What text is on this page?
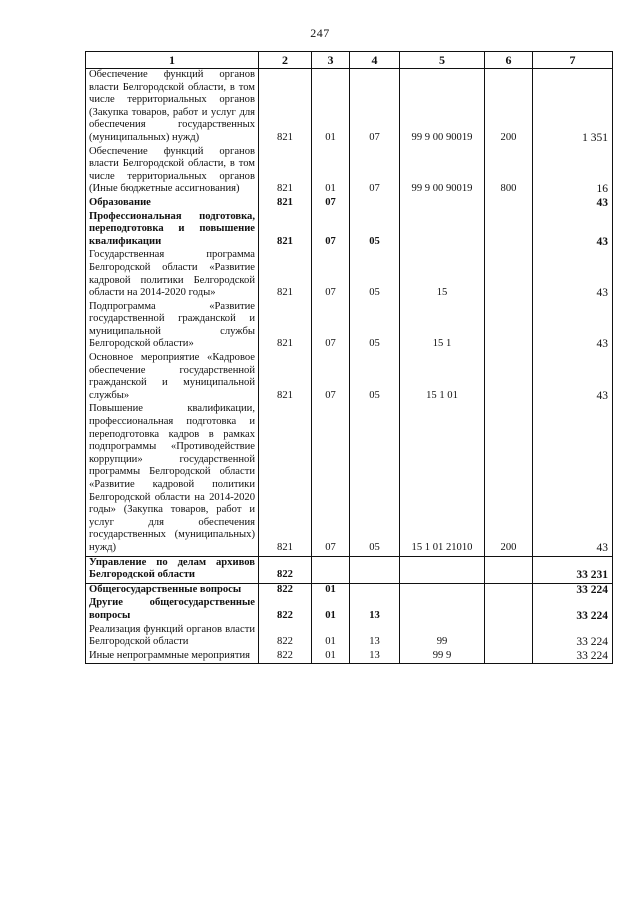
247
1	2	3	4	5	6	7
Обеспечение функций органов власти Белгородской области, в том числе территориальных органов (Закупка товаров, работ и услуг для обеспечения государственных (муниципальных) нужд)	821	01	07	99 9 00 90019	200	1 351
Обеспечение функций органов власти Белгородской области, в том числе территориальных органов (Иные бюджетные ассигнования)	821	01	07	99 9 00 90019	800	16
Образование	821	07				43
Профессиональная подготовка, переподготовка и повышение квалификации	821	07	05			43
Государственная программа Белгородской области «Развитие кадровой политики Белгородской области на 2014-2020 годы»	821	07	05	15		43
Подпрограмма «Развитие государственной гражданской и муниципальной службы Белгородской области»	821	07	05	15 1		43
Основное мероприятие «Кадровое обеспечение государственной гражданской и муниципальной службы»	821	07	05	15 1 01		43
Повышение квалификации, профессиональная подготовка и переподготовка кадров в рамках подпрограммы «Противодействие коррупции» государственной программы Белгородской области «Развитие кадровой политики Белгородской области на 2014-2020 годы» (Закупка товаров, работ и услуг для обеспечения государственных (муниципальных) нужд)	821	07	05	15 1 01 21010	200	43
Управление по делам архивов Белгородской области	822					33 231
Общегосударственные вопросы	822	01				33 224
Другие общегосударственные вопросы	822	01	13			33 224
Реализация функций органов власти Белгородской области	822	01	13	99		33 224
Иные непрограммные мероприятия	822	01	13	99 9		33 224
